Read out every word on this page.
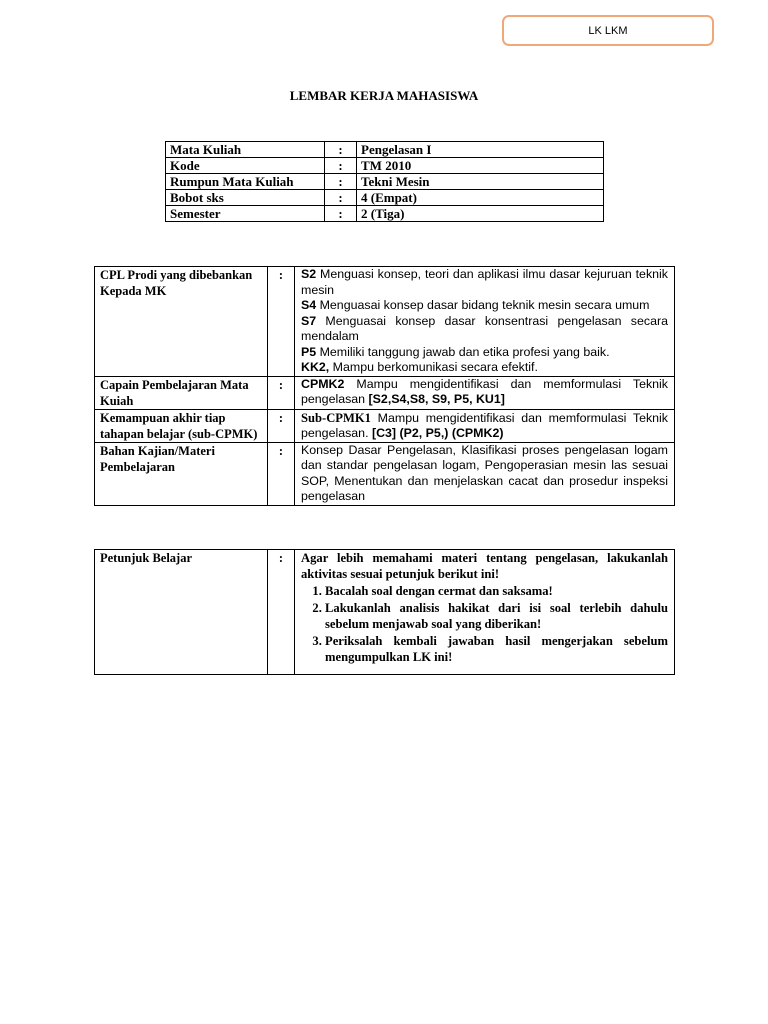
LK LKM
LEMBAR KERJA MAHASISWA
Mata Kuliah	:	Pengelasan I
Kode	:	TM 2010
Rumpun Mata Kuliah	:	Tekni Mesin
Bobot sks	:	4 (Empat)
Semester	:	2 (Tiga)
CPL Prodi yang dibebankan Kepada MK	:	S2 Menguasi konsep, teori dan aplikasi ilmu dasar kejuruan teknik mesin

S4 Menguasai konsep dasar bidang teknik mesin secara umum

S7 Menguasai konsep dasar konsentrasi pengelasan secara mendalam

P5 Memiliki tanggung jawab dan etika profesi yang baik.

KK2, Mampu berkomunikasi secara efektif.

Capain Pembelajaran Mata Kuiah	:	CPMK2 Mampu mengidentifikasi dan memformulasi Teknik pengelasan [S2,S4,S8, S9, P5, KU1]
Kemampuan akhir tiap tahapan belajar (sub-CPMK)	:	Sub-CPMK1 Mampu mengidentifikasi dan memformulasi Teknik pengelasan. [C3] (P2, P5,) (CPMK2)
Bahan Kajian/Materi Pembelajaran	:	Konsep Dasar Pengelasan, Klasifikasi proses pengelasan logam dan standar pengelasan logam, Pengoperasian mesin las sesuai SOP, Menentukan dan menjelaskan cacat dan prosedur inspeksi pengelasan
Petunjuk Belajar	:	Agar lebih memahami materi tentang pengelasan, lakukanlah aktivitas sesuai petunjuk berikut ini!

1. Bacalah soal dengan cermat dan saksama!
2. Lakukanlah analisis hakikat dari isi soal terlebih dahulu sebelum menjawab soal yang diberikan!
3. Periksalah kembali jawaban hasil mengerjakan sebelum mengumpulkan LK ini!
